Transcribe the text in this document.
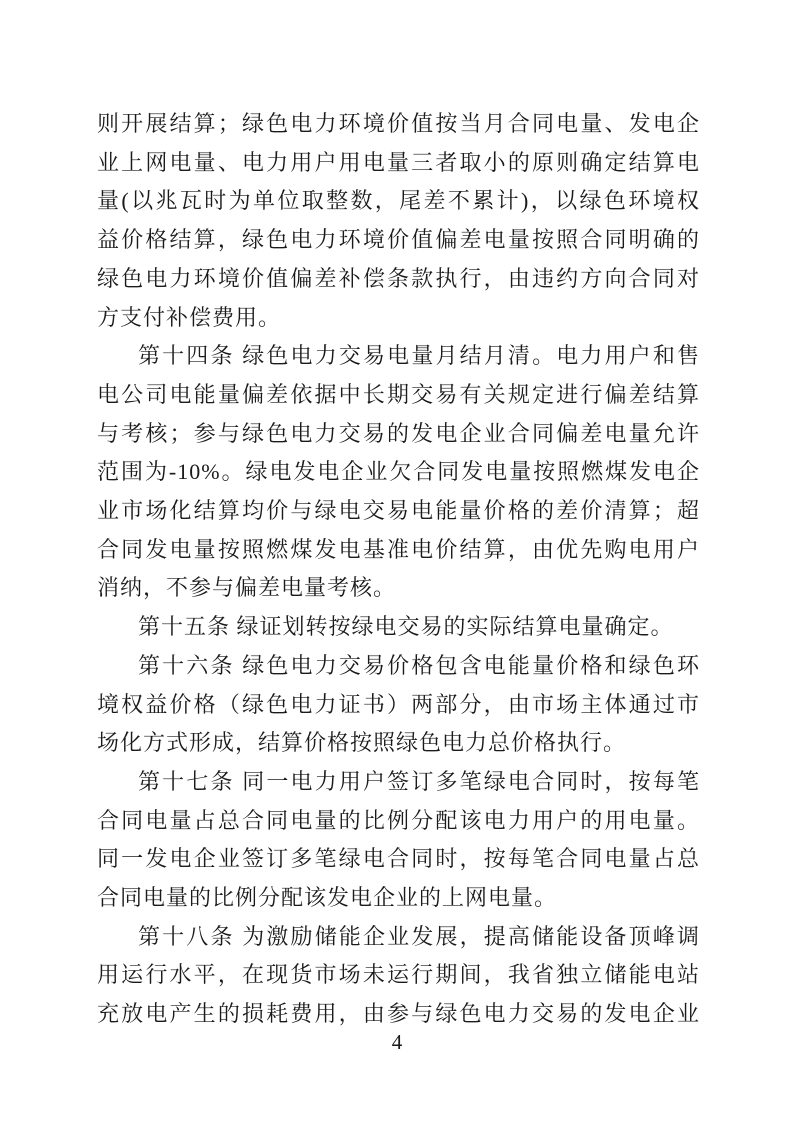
则开展结算；绿色电力环境价值按当月合同电量、发电企
业上网电量、电力用户用电量三者取小的原则确定结算电
量(以兆瓦时为单位取整数，尾差不累计)，以绿色环境权
益价格结算，绿色电力环境价值偏差电量按照合同明确的
绿色电力环境价值偏差补偿条款执行，由违约方向合同对
方支付补偿费用。
第十四条 绿色电力交易电量月结月清。电力用户和售
电公司电能量偏差依据中长期交易有关规定进行偏差结算
与考核；参与绿色电力交易的发电企业合同偏差电量允许
范围为-10%。绿电发电企业欠合同发电量按照燃煤发电企
业市场化结算均价与绿电交易电能量价格的差价清算；超
合同发电量按照燃煤发电基准电价结算，由优先购电用户
消纳，不参与偏差电量考核。
第十五条 绿证划转按绿电交易的实际结算电量确定。
第十六条 绿色电力交易价格包含电能量价格和绿色环
境权益价格（绿色电力证书）两部分，由市场主体通过市
场化方式形成，结算价格按照绿色电力总价格执行。
第十七条 同一电力用户签订多笔绿电合同时，按每笔
合同电量占总合同电量的比例分配该电力用户的用电量。
同一发电企业签订多笔绿电合同时，按每笔合同电量占总
合同电量的比例分配该发电企业的上网电量。
第十八条 为激励储能企业发展，提高储能设备顶峰调
用运行水平，在现货市场未运行期间，我省独立储能电站
充放电产生的损耗费用，由参与绿色电力交易的发电企业
4
